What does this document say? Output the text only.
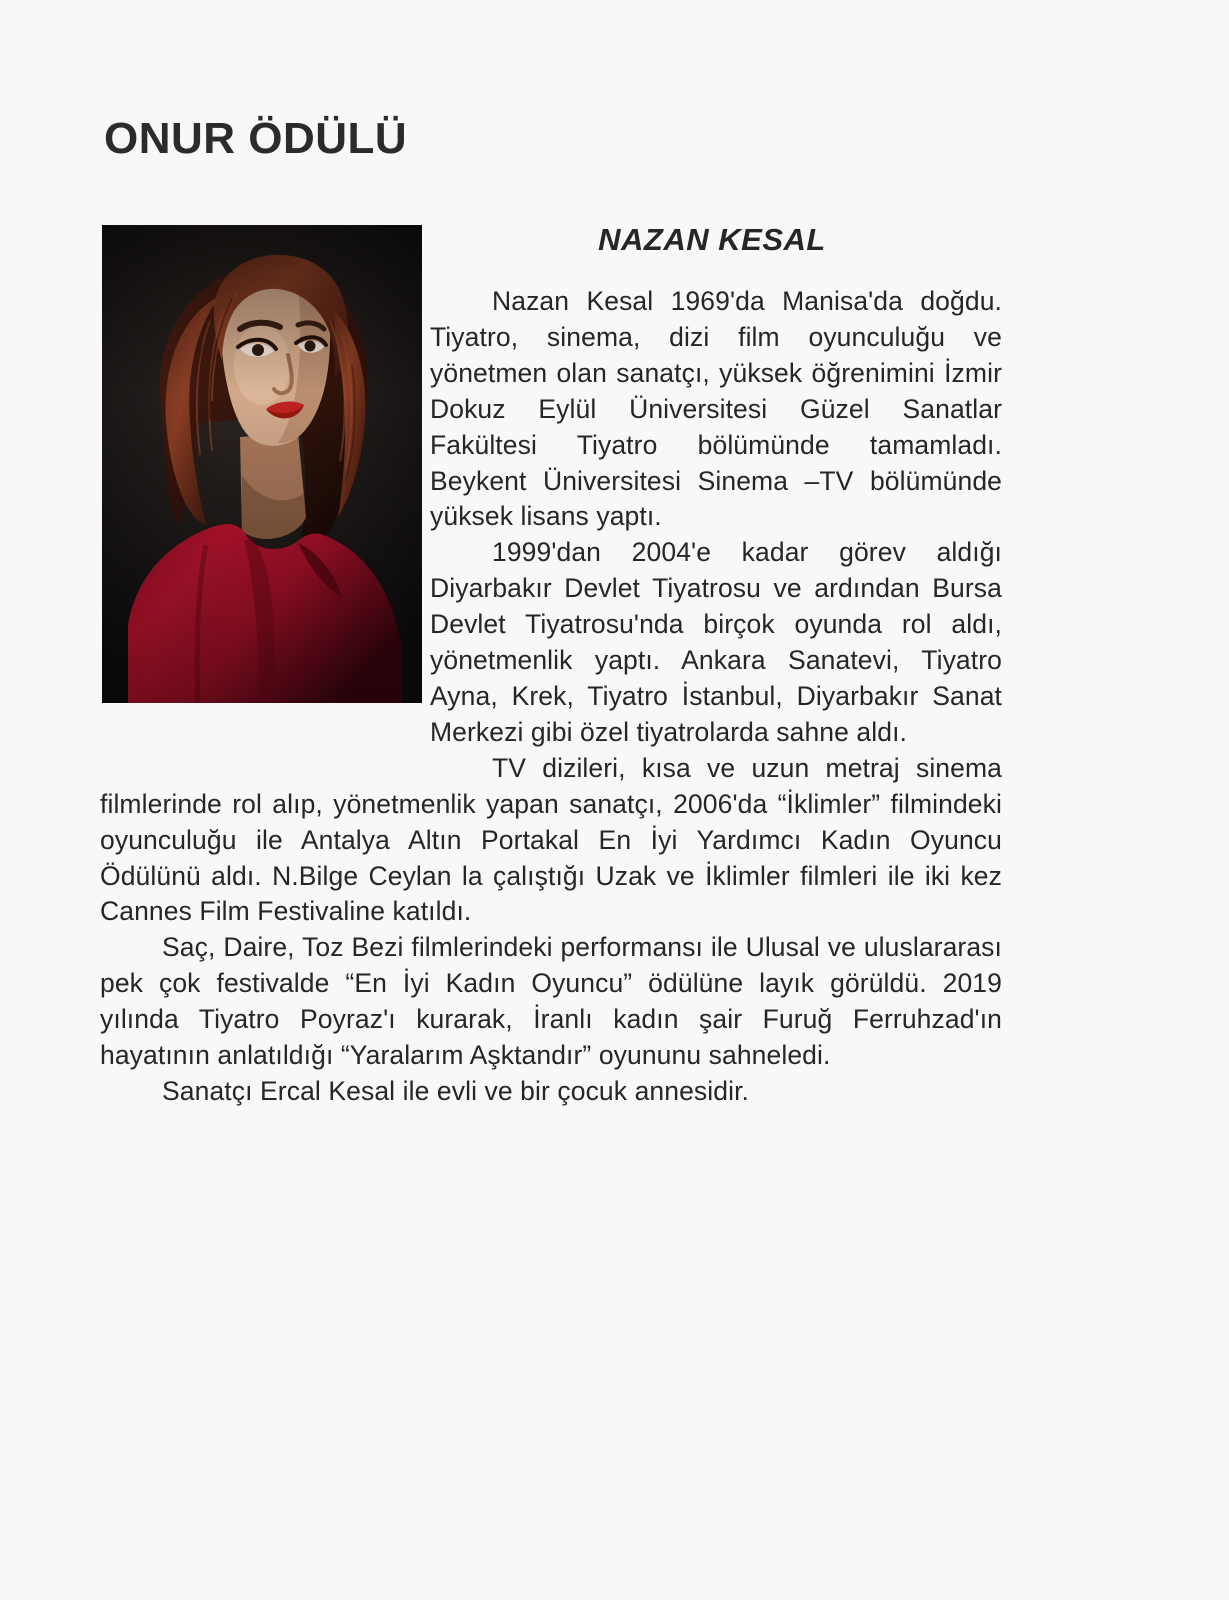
ONUR ÖDÜLÜ
NAZAN KESAL

Nazan Kesal 1969'da Manisa'da doğdu. Tiyatro, sinema, dizi film oyunculuğu ve yönetmen olan sanatçı, yüksek öğrenimini İzmir Dokuz Eylül Üniversitesi Güzel Sanatlar Fakültesi Tiyatro bölümünde tamamladı. Beykent Üniversitesi Sinema –TV bölümünde yüksek lisans yaptı.

1999'dan 2004'e kadar görev aldığı Diyarbakır Devlet Tiyatrosu ve ardından Bursa Devlet Tiyatrosu'nda birçok oyunda rol aldı, yönetmenlik yaptı. Ankara Sanatevi, Tiyatro Ayna, Krek, Tiyatro İstanbul, Diyarbakır Sanat Merkezi gibi özel tiyatrolarda sahne aldı.

TV dizileri, kısa ve uzun metraj sinema filmlerinde rol alıp, yönetmenlik yapan sanatçı, 2006'da “İklimler” filmindeki oyunculuğu ile Antalya Altın Portakal En İyi Yardımcı Kadın Oyuncu Ödülünü aldı. N.Bilge Ceylan la çalıştığı Uzak ve İklimler filmleri ile iki kez Cannes Film Festivaline katıldı.

Saç, Daire, Toz Bezi filmlerindeki performansı ile Ulusal ve uluslararası pek çok festivalde “En İyi Kadın Oyuncu” ödülüne layık görüldü. 2019 yılında Tiyatro Poyraz'ı kurarak, İranlı kadın şair Furuğ Ferruhzad'ın hayatının anlatıldığı “Yaralarım Aşktandır” oyununu sahneledi.

Sanatçı Ercal Kesal ile evli ve bir çocuk annesidir.
